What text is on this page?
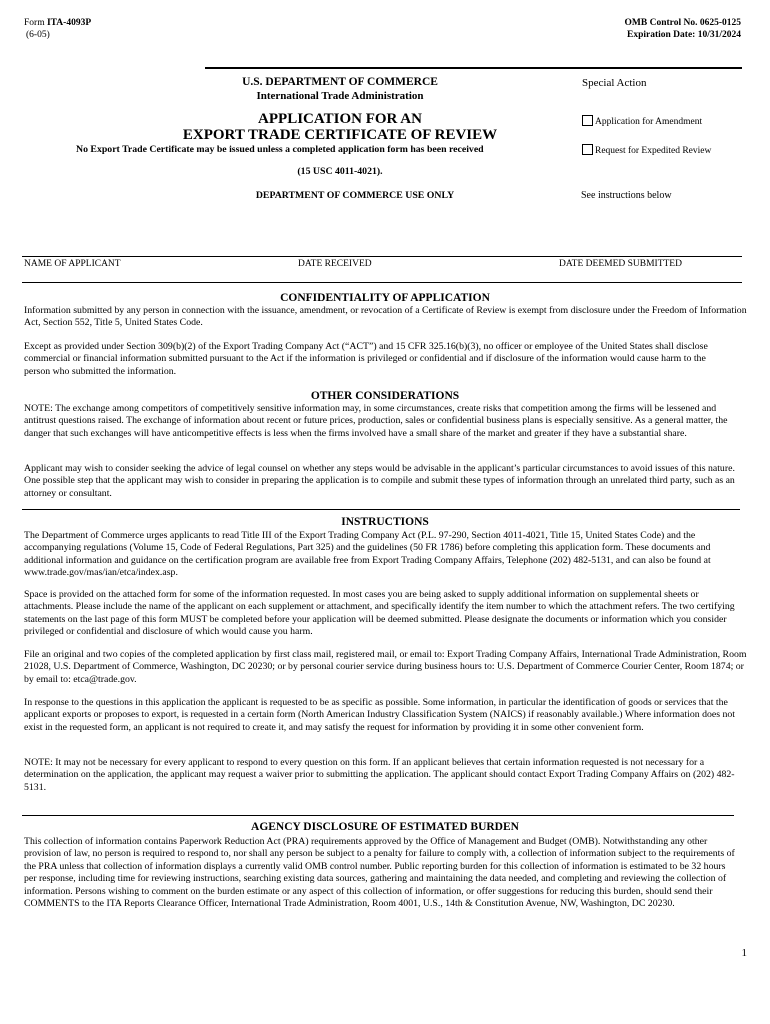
Form ITA-4093P
(6-05)
OMB Control No. 0625-0125
Expiration Date: 10/31/2024
U.S. DEPARTMENT OF COMMERCE
International Trade Administration
APPLICATION FOR AN
EXPORT TRADE CERTIFICATE OF REVIEW
No Export Trade Certificate may be issued unless a completed application form has been received
(15 USC 4011-4021).
DEPARTMENT OF COMMERCE USE ONLY
Special Action
Application for Amendment
Request for Expedited Review
See instructions below
NAME OF APPLICANT	DATE RECEIVED	DATE DEEMED SUBMITTED
CONFIDENTIALITY OF APPLICATION

Information submitted by any person in connection with the issuance, amendment, or revocation of a Certificate of Review is exempt from disclosure under the Freedom of Information Act, Section 552, Title 5, United States Code.

Except as provided under Section 309(b)(2) of the Export Trading Company Act (“ACT”) and 15 CFR 325.16(b)(3), no officer or employee of the United States shall disclose commercial or financial information submitted pursuant to the Act if the information is privileged or confidential and if disclosure of the information would cause harm to the person who submitted the information.

OTHER CONSIDERATIONS

NOTE: The exchange among competitors of competitively sensitive information may, in some circumstances, create risks that competition among the firms will be lessened and antitrust questions raised. The exchange of information about recent or future prices, production, sales or confidential business plans is especially sensitive. As a general matter, the danger that such exchanges will have anticompetitive effects is less when the firms involved have a small share of the market and greater if they have a substantial share.

Applicant may wish to consider seeking the advice of legal counsel on whether any steps would be advisable in the applicant’s particular circumstances to avoid issues of this nature. One possible step that the applicant may wish to consider in preparing the application is to compile and submit these types of information through an unrelated third party, such as an attorney or consultant.

INSTRUCTIONS

The Department of Commerce urges applicants to read Title III of the Export Trading Company Act (P.L. 97-290, Section 4011-4021, Title 15, United States Code) and the accompanying regulations (Volume 15, Code of Federal Regulations, Part 325) and the guidelines (50 FR 1786) before completing this application form. These documents and additional information and guidance on the certification program are available free from Export Trading Company Affairs, Telephone (202) 482-5131, and can also be found at www.trade.gov/mas/ian/etca/index.asp.

Space is provided on the attached form for some of the information requested. In most cases you are being asked to supply additional information on supplemental sheets or attachments. Please include the name of the applicant on each supplement or attachment, and specifically identify the item number to which the attachment refers. The two certifying statements on the last page of this form MUST be completed before your application will be deemed submitted. Please designate the documents or information which you consider privileged or confidential and disclosure of which would cause you harm.

File an original and two copies of the completed application by first class mail, registered mail, or email to: Export Trading Company Affairs, International Trade Administration, Room 21028, U.S. Department of Commerce, Washington, DC 20230; or by personal courier service during business hours to: U.S. Department of Commerce Courier Center, Room 1874; or by email to: etca@trade.gov.

In response to the questions in this application the applicant is requested to be as specific as possible. Some information, in particular the identification of goods or services that the applicant exports or proposes to export, is requested in a certain form (North American Industry Classification System (NAICS) if reasonably available.) Where information does not exist in the requested form, an applicant is not required to create it, and may satisfy the request for information by providing it in some other convenient form.

NOTE: It may not be necessary for every applicant to respond to every question on this form. If an applicant believes that certain information requested is not necessary for a determination on the application, the applicant may request a waiver prior to submitting the application. The applicant should contact Export Trading Company Affairs on (202) 482-5131.

AGENCY DISCLOSURE OF ESTIMATED BURDEN

This collection of information contains Paperwork Reduction Act (PRA) requirements approved by the Office of Management and Budget (OMB). Notwithstanding any other provision of law, no person is required to respond to, nor shall any person be subject to a penalty for failure to comply with, a collection of information subject to the requirements of the PRA unless that collection of information displays a currently valid OMB control number. Public reporting burden for this collection of information is estimated to be 32 hours per response, including time for reviewing instructions, searching existing data sources, gathering and maintaining the data needed, and completing and reviewing the collection of information. Persons wishing to comment on the burden estimate or any aspect of this collection of information, or offer suggestions for reducing this burden, should send their COMMENTS to the ITA Reports Clearance Officer, International Trade Administration, Room 4001, U.S., 14th & Constitution Avenue, NW, Washington, DC 20230.

1
